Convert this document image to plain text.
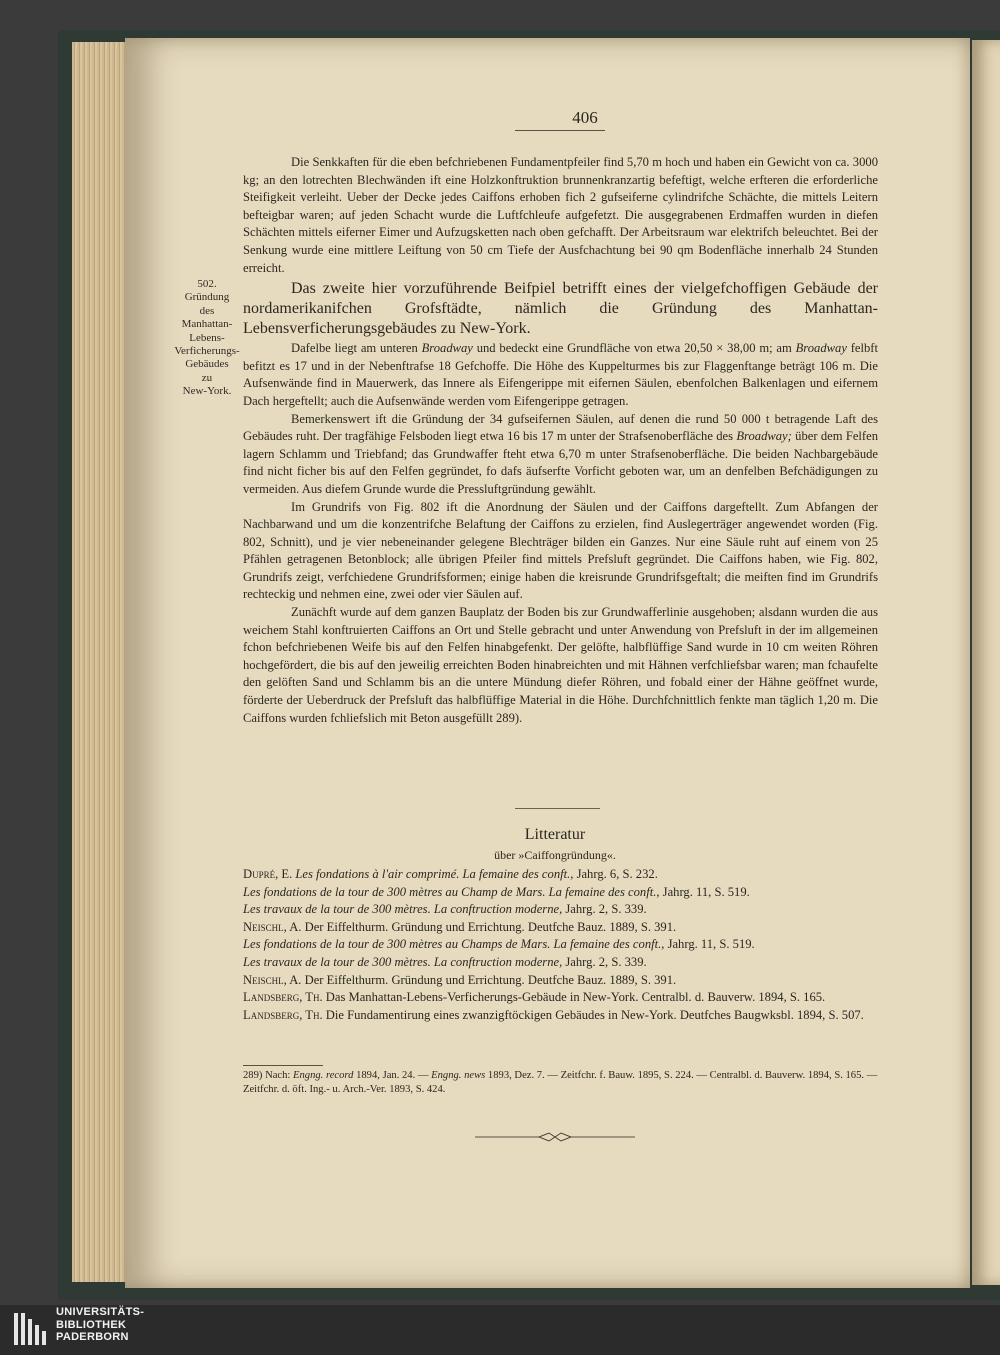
406
502.
Gründung
des
Manhattan-
Lebens-
Verficherungs-
Gebäudes
zu
New-York.

Die Senkkaften für die eben befchriebenen Fundamentpfeiler find 5,70 m hoch und haben ein Gewicht von ca. 3000 kg; an den lotrechten Blechwänden ift eine Holzkonftruktion brunnenkranzartig befeftigt, welche erfteren die erforderliche Steifigkeit verleiht. Ueber der Decke jedes Caiffons erhoben fich 2 gufseiferne cylindrifche Schächte, die mittels Leitern befteigbar waren; auf jeden Schacht wurde die Luftfchleufe aufgefetzt. Die ausgegrabenen Erdmaffen wurden in diefen Schächten mittels eiferner Eimer und Aufzugsketten nach oben gefchafft. Der Arbeitsraum war elektrifch beleuchtet. Bei der Senkung wurde eine mittlere Leiftung von 50 cm Tiefe der Ausfchachtung bei 90 qm Bodenfläche innerhalb 24 Stunden erreicht.

Das zweite hier vorzuführende Beifpiel betrifft eines der vielgefchoffigen Gebäude der nordamerikanifchen Grofsftädte, nämlich die Gründung des Manhattan-Lebensverficherungsgebäudes zu New-York.

Dafelbe liegt am unteren Broadway und bedeckt eine Grundfläche von etwa 20,50 × 38,00 m; am Broadway felbft befitzt es 17 und in der Nebenftrafse 18 Gefchoffe. Die Höhe des Kuppelturmes bis zur Flaggenftange beträgt 106 m. Die Aufsenwände find in Mauerwerk, das Innere als Eifengerippe mit eifernen Säulen, ebenfolchen Balkenlagen und eifernem Dach hergeftellt; auch die Aufsenwände werden vom Eifengerippe getragen.

Bemerkenswert ift die Gründung der 34 gufseifernen Säulen, auf denen die rund 50 000 t betragende Laft des Gebäudes ruht. Der tragfähige Felsboden liegt etwa 16 bis 17 m unter der Strafsenoberfläche des Broadway; über dem Felfen lagern Schlamm und Triebfand; das Grundwaffer fteht etwa 6,70 m unter Strafsenoberfläche. Die beiden Nachbargebäude find nicht ficher bis auf den Felfen gegründet, fo dafs äufserfte Vorficht geboten war, um an denfelben Befchädigungen zu vermeiden. Aus diefem Grunde wurde die Pressluftgründung gewählt.

Im Grundrifs von Fig. 802 ift die Anordnung der Säulen und der Caiffons dargeftellt. Zum Abfangen der Nachbarwand und um die konzentrifche Belaftung der Caiffons zu erzielen, find Auslegerträger angewendet worden (Fig. 802, Schnitt), und je vier nebeneinander gelegene Blechträger bilden ein Ganzes. Nur eine Säule ruht auf einem von 25 Pfählen getragenen Betonblock; alle übrigen Pfeiler find mittels Prefsluft gegründet. Die Caiffons haben, wie Fig. 802, Grundrifs zeigt, verfchiedene Grundrifsformen; einige haben die kreisrunde Grundrifsgeftalt; die meiften find im Grundrifs rechteckig und nehmen eine, zwei oder vier Säulen auf.

Zunächft wurde auf dem ganzen Bauplatz der Boden bis zur Grundwafferlinie ausgehoben; alsdann wurden die aus weichem Stahl konftruierten Caiffons an Ort und Stelle gebracht und unter Anwendung von Prefsluft in der im allgemeinen fchon befchriebenen Weife bis auf den Felfen hinabgefenkt. Der gelöfte, halbflüffige Sand wurde in 10 cm weiten Röhren hochgefördert, die bis auf den jeweilig erreichten Boden hinabreichten und mit Hähnen verfchliefsbar waren; man fchaufelte den gelöften Sand und Schlamm bis an die untere Mündung diefer Röhren, und fobald einer der Hähne geöffnet wurde, förderte der Ueberdruck der Prefsluft das halbflüffige Material in die Höhe. Durchfchnittlich fenkte man täglich 1,20 m. Die Caiffons wurden fchliefslich mit Beton ausgefüllt 289).

Litteratur
über »Caiffongründung«.

Dupré, E. Les fondations à l'air comprimé. La femaine des conft., Jahrg. 6, S. 232.

Les fondations de la tour de 300 mètres au Champ de Mars. La femaine des conft., Jahrg. 11, S. 519.

Les travaux de la tour de 300 mètres. La conftruction moderne, Jahrg. 2, S. 339.

Neischl, A. Der Eiffelthurm. Gründung und Errichtung. Deutfche Bauz. 1889, S. 391.

Les fondations de la tour de 300 mètres au Champs de Mars. La femaine des conft., Jahrg. 11, S. 519.

Les travaux de la tour de 300 mètres. La conftruction moderne, Jahrg. 2, S. 339.

Neischl, A. Der Eiffelthurm. Gründung und Errichtung. Deutfche Bauz. 1889, S. 391.

Landsberg, Th. Das Manhattan-Lebens-Verficherungs-Gebäude in New-York. Centralbl. d. Bauverw. 1894, S. 165.

Landsberg, Th. Die Fundamentirung eines zwanzigftöckigen Gebäudes in New-York. Deutfches Baugwksbl. 1894, S. 507.

289) Nach: Engng. record 1894, Jan. 24. — Engng. news 1893, Dez. 7. — Zeitfchr. f. Bauw. 1895, S. 224. — Centralbl. d. Bauverw. 1894, S. 165. — Zeitfchr. d. öft. Ing.- u. Arch.-Ver. 1893, S. 424.
UNIVERSITÄTS-
BIBLIOTHEK
PADERBORN
